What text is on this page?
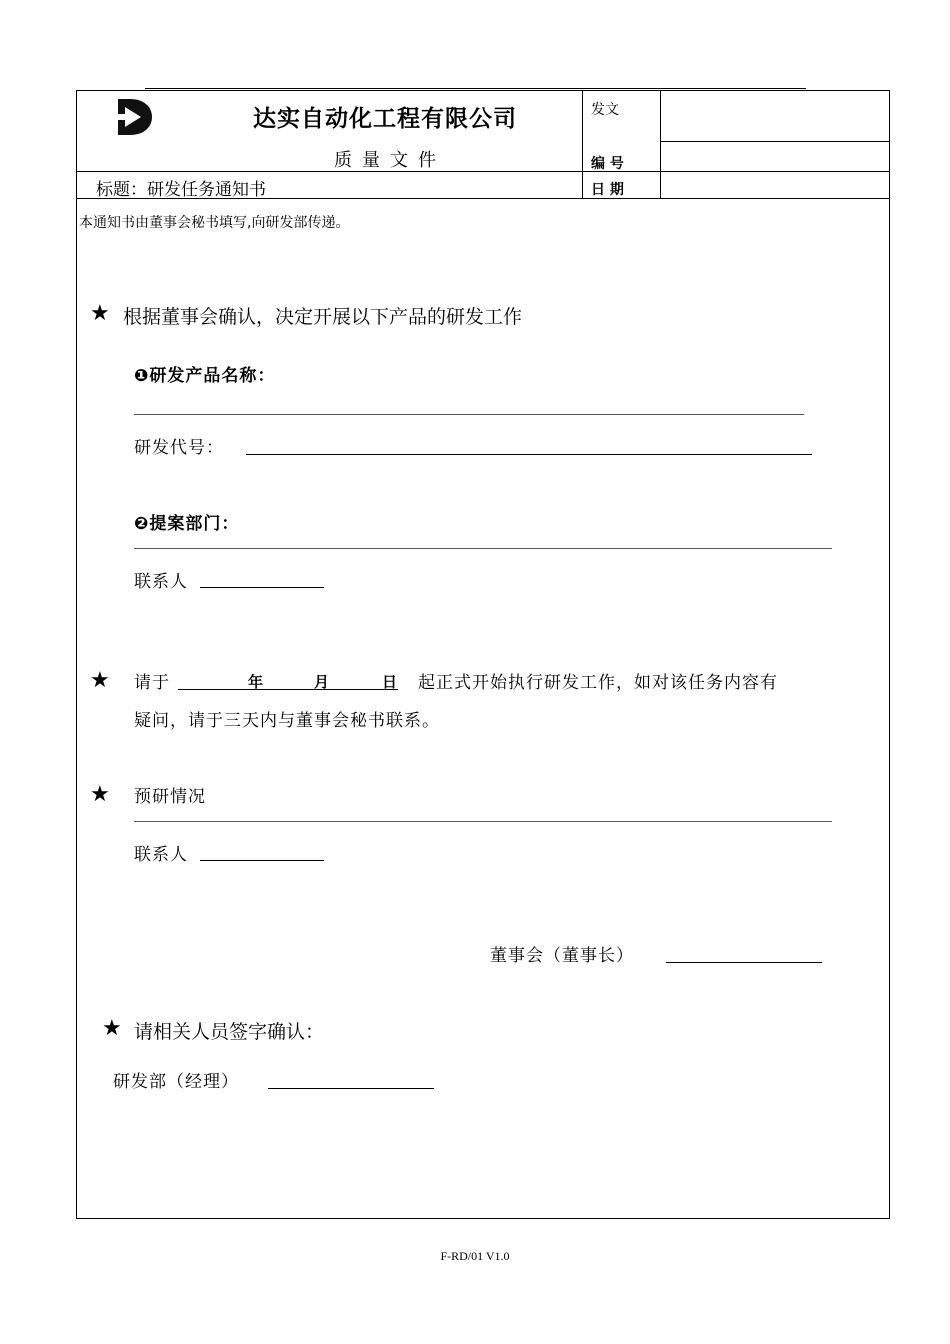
达实自动化工程有限公司
质量文件
标题：研发任务通知书
发文
编 号
日 期
本通知书由董事会秘书填写,向研发部传递。
★ 根据董事会确认，决定开展以下产品的研发工作
❶研发产品名称：
研发代号：
❷提案部门：
联系人
★ 请于	年	月	日 起正式开始执行研发工作，如对该任务内容有
疑问，请于三天内与董事会秘书联系。
★ 预研情况
联系人
董事会（董事长）
★ 请相关人员签字确认：
研发部（经理）
F-RD/01 V1.0
